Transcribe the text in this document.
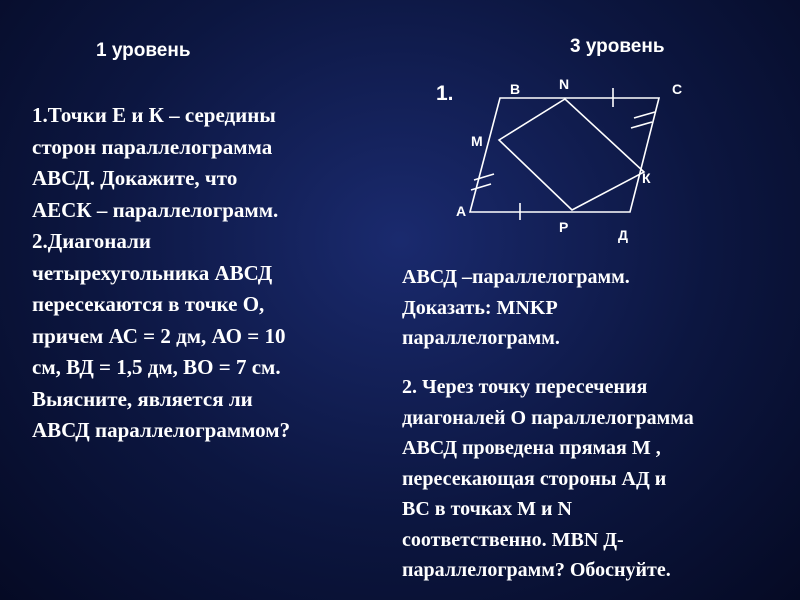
1 уровень	3 уровень
1.Точки Е и К – середины
сторон параллелограмма
АВСД. Докажите, что
АЕСК – параллелограмм.
2.Диагонали
четырехугольника АВСД
пересекаются в точке О,
причем АС = 2 дм, АО = 10
см, ВД = 1,5 дм, ВО = 7 см.
Выясните, является ли
АВСД параллелограммом?
1.
А
В	N	С
М
К
Р	Д
АВСД –параллелограмм.
Доказать: MNKP
параллелограмм.
2. Через точку пересечения
диагоналей О параллелограмма
АВСД проведена прямая М ,
пересекающая стороны АД и
ВС в точках М и N
соответственно. МВN Д-
параллелограмм? Обоснуйте.
